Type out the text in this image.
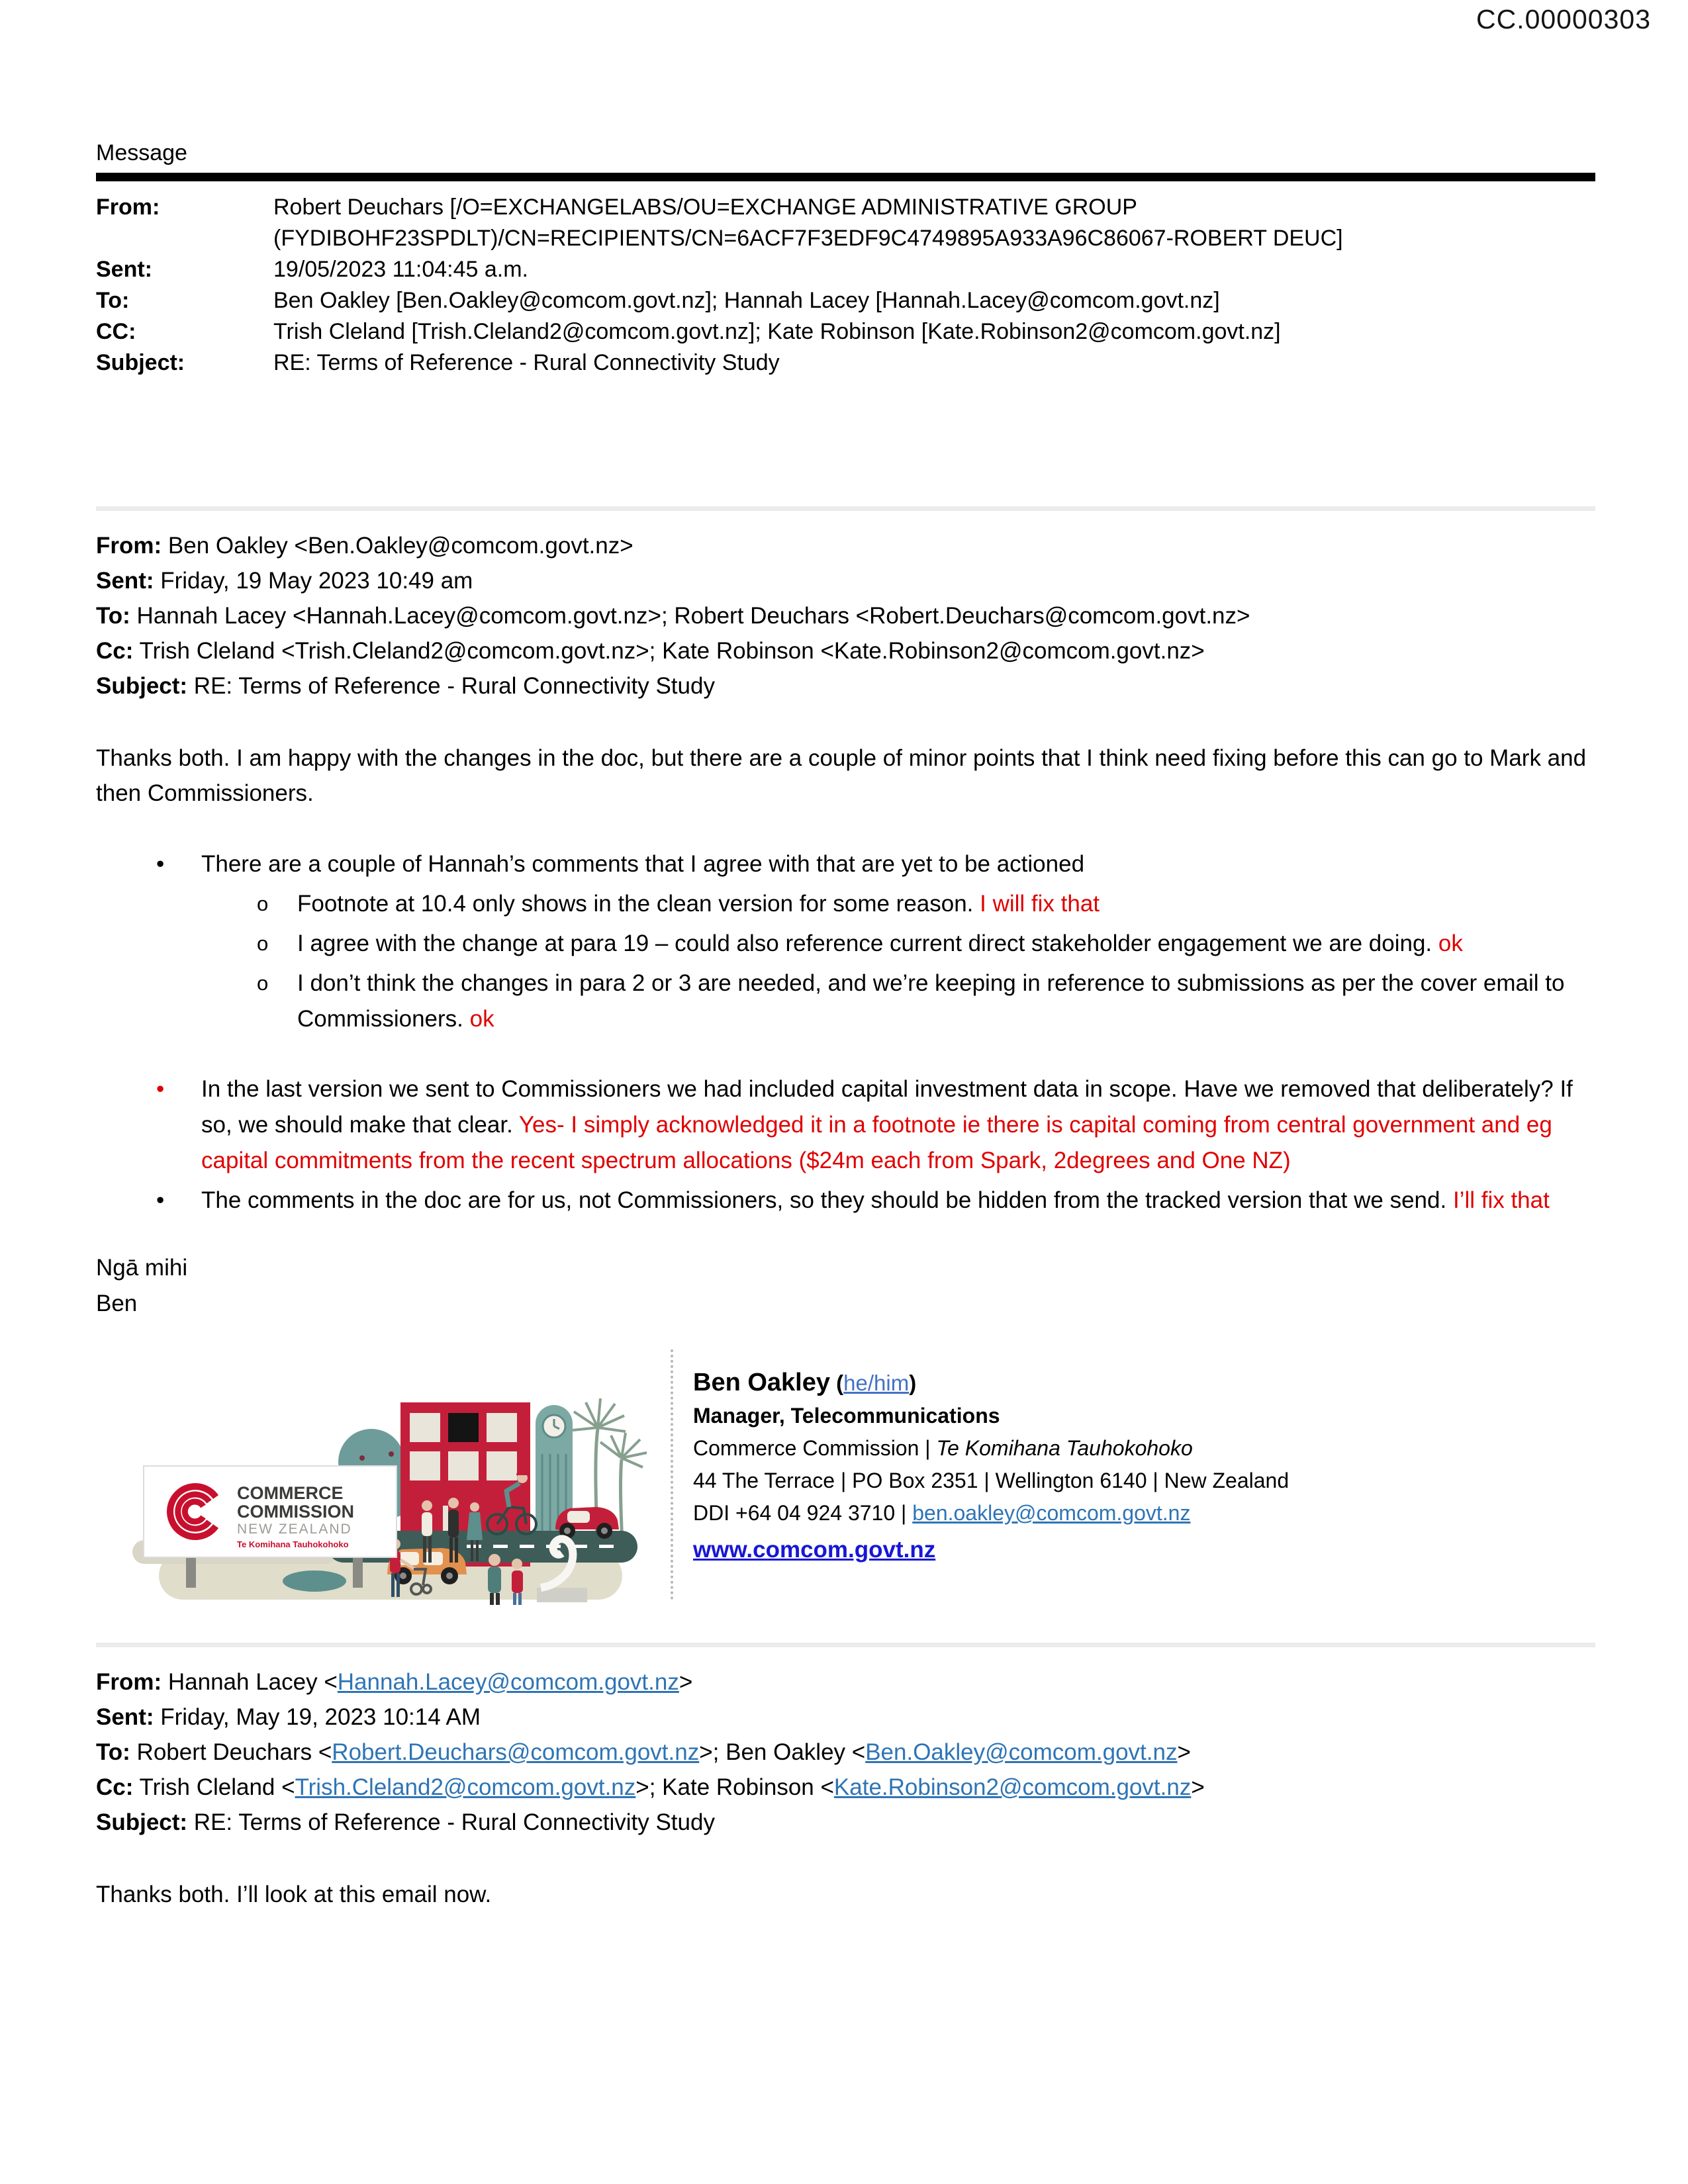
CC.00000303
Message
From:	Robert Deuchars [/O=EXCHANGELABS/OU=EXCHANGE ADMINISTRATIVE GROUP (FYDIBOHF23SPDLT)/CN=RECIPIENTS/CN=6ACF7F3EDF9C4749895A933A96C86067-ROBERT DEUC]
Sent:	19/05/2023 11:04:45 a.m.
To:	Ben Oakley [Ben.Oakley@comcom.govt.nz]; Hannah Lacey [Hannah.Lacey@comcom.govt.nz]
CC:	Trish Cleland [Trish.Cleland2@comcom.govt.nz]; Kate Robinson [Kate.Robinson2@comcom.govt.nz]
Subject:	RE: Terms of Reference - Rural Connectivity Study
From: Ben Oakley <Ben.Oakley@comcom.govt.nz>
Sent: Friday, 19 May 2023 10:49 am
To: Hannah Lacey <Hannah.Lacey@comcom.govt.nz>; Robert Deuchars <Robert.Deuchars@comcom.govt.nz>
Cc: Trish Cleland <Trish.Cleland2@comcom.govt.nz>; Kate Robinson <Kate.Robinson2@comcom.govt.nz>
Subject: RE: Terms of Reference - Rural Connectivity Study
Thanks both. I am happy with the changes in the doc, but there are a couple of minor points that I think need fixing before this can go to Mark and then Commissioners.
•	There are a couple of Hannah’s comments that I agree with that are yet to be actioned
o	Footnote at 10.4 only shows in the clean version for some reason. I will fix that
o	I agree with the change at para 19 – could also reference current direct stakeholder engagement we are doing. ok
o	I don’t think the changes in para 2 or 3 are needed, and we’re keeping in reference to submissions as per the cover email to Commissioners. ok
•	In the last version we sent to Commissioners we had included capital investment data in scope. Have we removed that deliberately? If so, we should make that clear. Yes- I simply acknowledged it in a footnote ie there is capital coming from central government and eg capital commitments from the recent spectrum allocations ($24m each from Spark, 2degrees and One NZ)
•	The comments in the doc are for us, not Commissioners, so they should be hidden from the tracked version that we send. I’ll fix that
Ngā mihi
Ben
COMMERCE
COMMISSION
NEW ZEALAND
Te Komihana Tauhokohoko
Ben Oakley (he/him)
Manager, Telecommunications
Commerce Commission | Te Komihana Tauhokohoko
44 The Terrace | PO Box 2351 | Wellington 6140 | New Zealand
DDI +64 04 924 3710 | ben.oakley@comcom.govt.nz
www.comcom.govt.nz
From: Hannah Lacey <Hannah.Lacey@comcom.govt.nz>
Sent: Friday, May 19, 2023 10:14 AM
To: Robert Deuchars <Robert.Deuchars@comcom.govt.nz>; Ben Oakley <Ben.Oakley@comcom.govt.nz>
Cc: Trish Cleland <Trish.Cleland2@comcom.govt.nz>; Kate Robinson <Kate.Robinson2@comcom.govt.nz>
Subject: RE: Terms of Reference - Rural Connectivity Study
Thanks both. I’ll look at this email now.
